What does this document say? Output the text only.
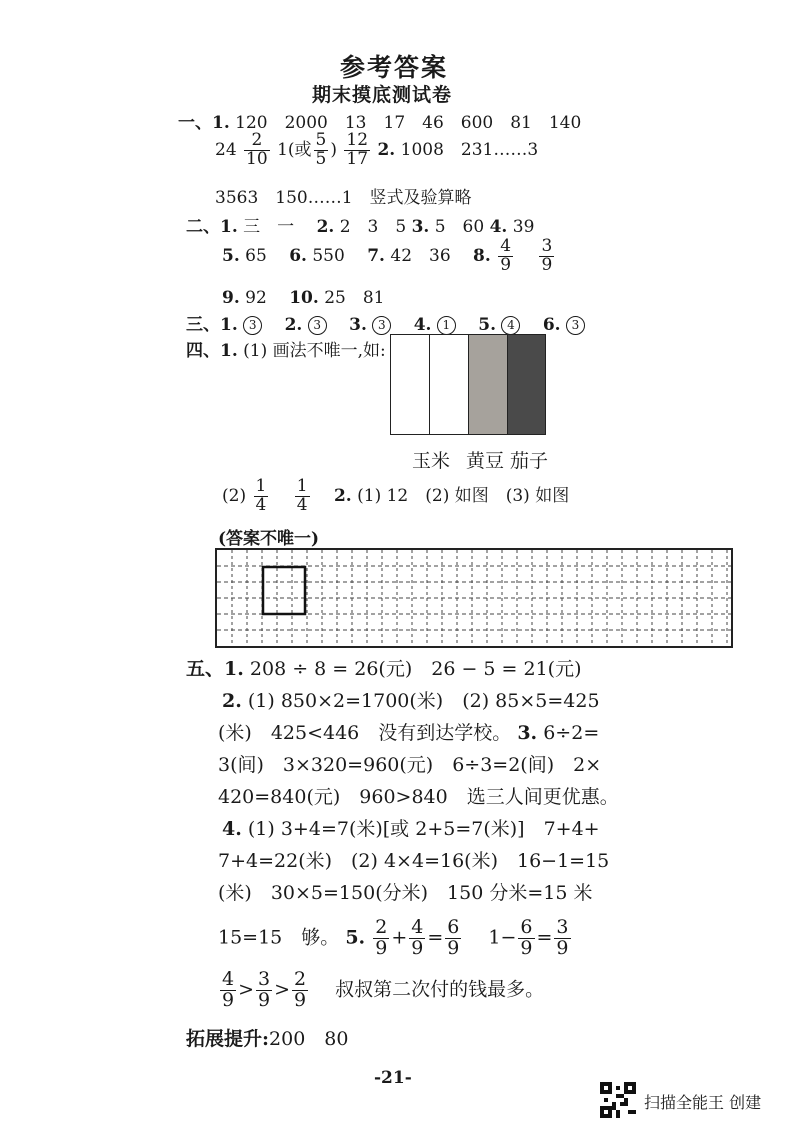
参考答案
期末摸底测试卷
一、1. 120　2000　13　17　46　600　81　140
$24 \frac{2}{10} 1$(或 $\frac{5}{5}$ ) $\frac{12}{17} 2$. 1008　231……3
3563　150……1　竖式及验算略
二、1. 三　一　 2. 2　3　5 3. 5　60 4. 39
5. 65　 6. 550　 7. 42　36　 8. $\frac{4}{9}$
　 $\frac{3}{9}$
9. 92　 10. 25　81
三、1. 3　 2. 3　 3. 3　 4. 1　 5. 4　 6. 3
四、1. (1) 画法不唯一,如:
玉米 黄豆 茄子
$(2) \frac{1}{4}$
　 $\frac{1}{4}$
　 2. (1) 12　(2) 如图　(3) 如图
(答案不唯一)
五、1. 208 ÷ 8 = 26(元)　26 − 5 = 21(元)
2. (1) 850×2=1700(米)　(2) 85×5=425
(米)　425<446　没有到达学校。 3. 6÷2=
3(间)　3×320=960(元)　6÷3=2(间)　2×
420=840(元)　960>840　选三人间更优惠。
4. (1) 3+4=7(米)[或 2+5=7(米)]　7+4+
7+4=22(米)　(2) 4×4=16(米)　16−1=15
(米)　30×5=150(分米)　150 分米=15 米
15=15　够。 5. $\frac{2}{9} + \frac{4}{9} = \frac{6}{9}$
　 $1- \frac{6}{9} = \frac{3}{9}$
$\frac{4}{9} > \frac{3}{9} > \frac{2}{9}$
　 叔叔第二次付的钱最多。
拓展提升:200　80
-21-
扫描全能王 创建
